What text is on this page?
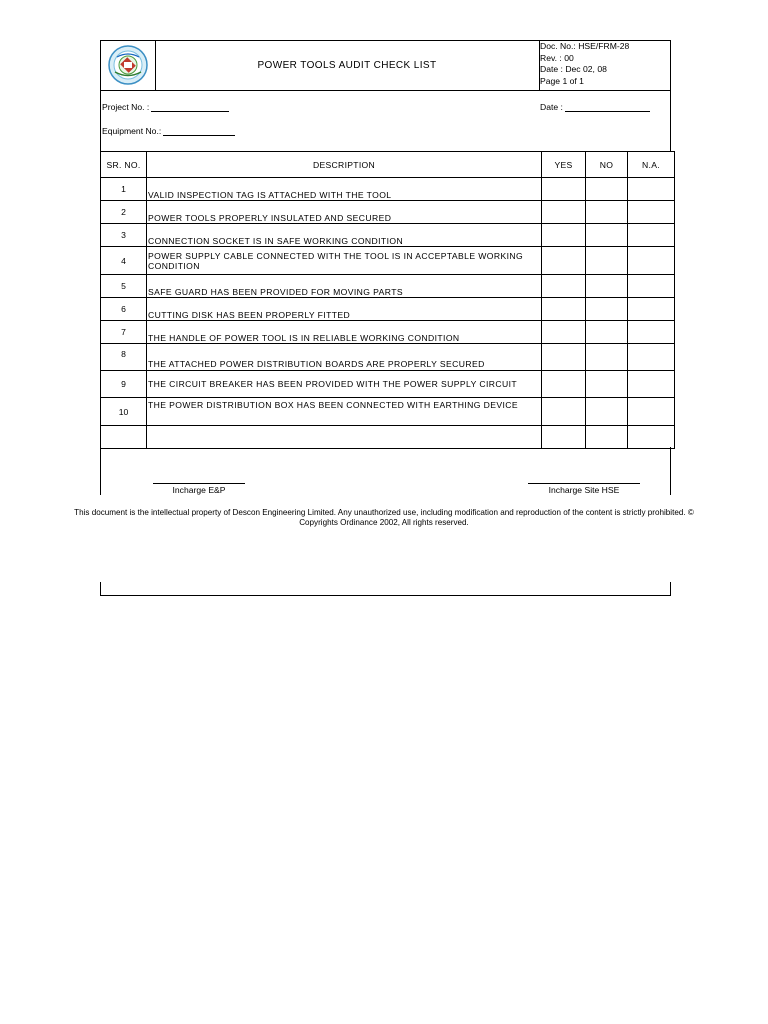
POWER TOOLS AUDIT CHECK LIST
Doc. No.: HSE/FRM-28
Rev. : 00
Date : Dec 02, 08
Page 1 of 1
Project No. :	Date :
Equipment No.:
SR. NO.	DESCRIPTION	YES	NO	N.A.
1	VALID INSPECTION TAG IS ATTACHED WITH THE TOOL			
2	POWER TOOLS PROPERLY INSULATED AND SECURED			
3	CONNECTION SOCKET IS IN SAFE WORKING CONDITION			
4	POWER SUPPLY CABLE CONNECTED WITH THE TOOL IS IN ACCEPTABLE WORKING CONDITION			
5	SAFE GUARD HAS BEEN PROVIDED FOR MOVING PARTS			
6	CUTTING DISK HAS BEEN PROPERLY FITTED			
7	THE HANDLE OF POWER TOOL IS IN RELIABLE WORKING CONDITION			
8	THE ATTACHED POWER DISTRIBUTION BOARDS ARE PROPERLY SECURED			
9	THE CIRCUIT BREAKER HAS BEEN PROVIDED WITH THE POWER SUPPLY CIRCUIT			
10	THE POWER DISTRIBUTION BOX HAS BEEN CONNECTED WITH EARTHING DEVICE			

Incharge E&P	Incharge Site HSE
This document is the intellectual property of Descon Engineering Limited. Any unauthorized use, including modification and reproduction of the content is strictly prohibited. ©
Copyrights Ordinance 2002, All rights reserved.
